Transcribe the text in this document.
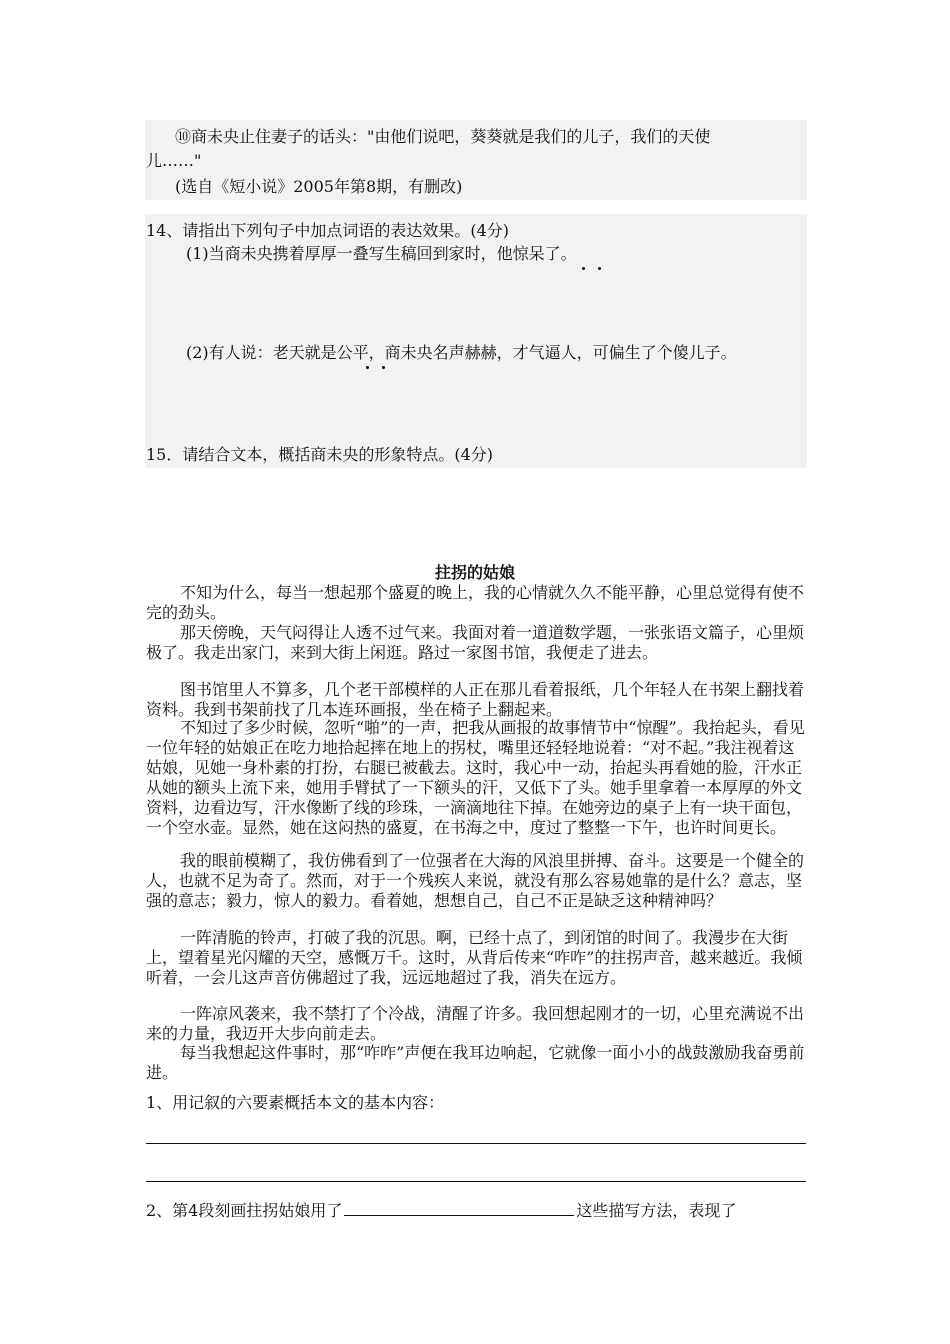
⑩商未央止住妻子的话头："由他们说吧，葵葵就是我们的儿子，我们的天使
儿……"
(选自《短小说》2005年第8期，有删改)
14、请指出下列句子中加点词语的表达效果。(4分)
(1)当商未央携着厚厚一叠写生稿回到家时，他惊呆了。
(2)有人说：老天就是公平，商未央名声赫赫，才气逼人，可偏生了个傻儿子。
15．请结合文本，概括商未央的形象特点。(4分)
拄拐的姑娘
不知为什么，每当一想起那个盛夏的晚上，我的心情就久久不能平静，心里总觉得有使不完的劲头。
那天傍晚，天气闷得让人透不过气来。我面对着一道道数学题，一张张语文篇子，心里烦极了。我走出家门，来到大街上闲逛。路过一家图书馆，我便走了进去。
图书馆里人不算多，几个老干部模样的人正在那儿看着报纸，几个年轻人在书架上翻找着资料。我到书架前找了几本连环画报，坐在椅子上翻起来。
不知过了多少时候，忽听“啪”的一声，把我从画报的故事情节中“惊醒”。我抬起头，看见一位年轻的姑娘正在吃力地拾起摔在地上的拐杖，嘴里还轻轻地说着：“对不起。”我注视着这姑娘，见她一身朴素的打扮，右腿已被截去。这时，我心中一动，抬起头再看她的脸，汗水正从她的额头上流下来，她用手臂拭了一下额头的汗，又低下了头。她手里拿着一本厚厚的外文资料，边看边写，汗水像断了线的珍珠，一滴滴地往下掉。在她旁边的桌子上有一块干面包，一个空水壶。显然，她在这闷热的盛夏，在书海之中，度过了整整一下午，也许时间更长。
我的眼前模糊了，我仿佛看到了一位强者在大海的风浪里拼搏、奋斗。这要是一个健全的人，也就不足为奇了。然而，对于一个残疾人来说，就没有那么容易她靠的是什么？意志，坚强的意志；毅力，惊人的毅力。看着她，想想自己，自己不正是缺乏这种精神吗？
一阵清脆的铃声，打破了我的沉思。啊，已经十点了，到闭馆的时间了。我漫步在大街上，望着星光闪耀的天空，感慨万千。这时，从背后传来“咋咋”的拄拐声音，越来越近。我倾听着，一会儿这声音仿佛超过了我，远远地超过了我，消失在远方。
一阵凉风袭来，我不禁打了个冷战，清醒了许多。我回想起刚才的一切，心里充满说不出来的力量，我迈开大步向前走去。
每当我想起这件事时，那“咋咋”声便在我耳边响起，它就像一面小小的战鼓激励我奋勇前进。
1、用记叙的六要素概括本文的基本内容：
2、第4段刻画拄拐姑娘用了	这些描写方法，表现了
